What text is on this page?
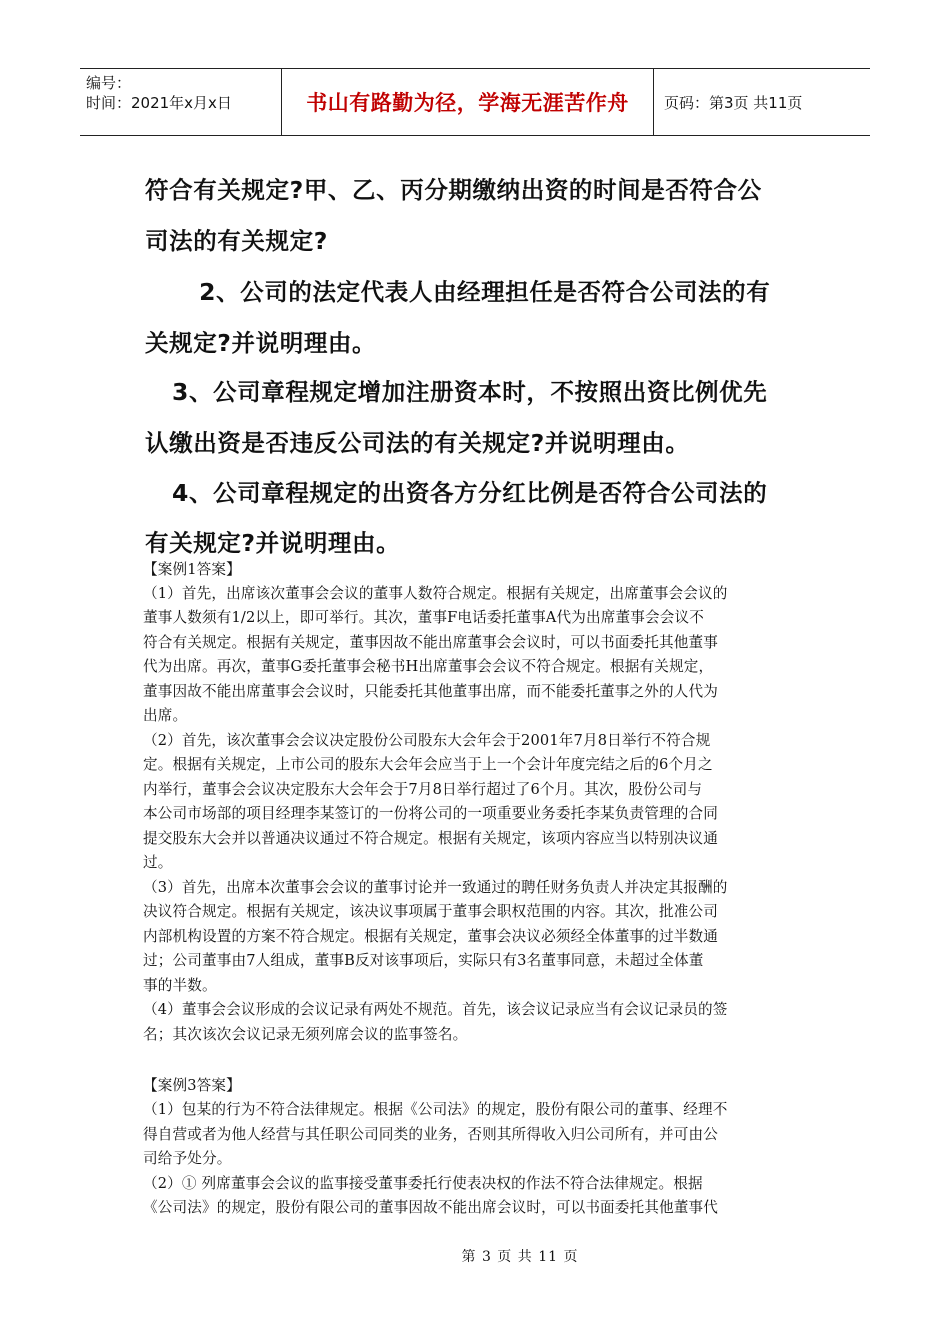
编号：
时间：2021年x月x日	书山有路勤为径，学海无涯苦作舟	页码：第3页 共11页
符合有关规定?甲、乙、丙分期缴纳出资的时间是否符合公
司法的有关规定?
　2、公司的法定代表人由经理担任是否符合公司法的有
关规定?并说明理由。
3、公司章程规定增加注册资本时，不按照出资比例优先
认缴出资是否违反公司法的有关规定?并说明理由。
4、公司章程规定的出资各方分红比例是否符合公司法的
有关规定?并说明理由。
【案例1答案】
（1）首先，出席该次董事会会议的董事人数符合规定。根据有关规定，出席董事会会议的
董事人数须有1/2以上，即可举行。其次，董事F电话委托董事A代为出席董事会会议不
符合有关规定。根据有关规定，董事因故不能出席董事会会议时，可以书面委托其他董事
代为出席。再次，董事G委托董事会秘书H出席董事会会议不符合规定。根据有关规定，
董事因故不能出席董事会会议时，只能委托其他董事出席，而不能委托董事之外的人代为
出席。
（2）首先，该次董事会会议决定股份公司股东大会年会于2001年7月8日举行不符合规
定。根据有关规定，上市公司的股东大会年会应当于上一个会计年度完结之后的6个月之
内举行，董事会会议决定股东大会年会于7月8日举行超过了6个月。其次，股份公司与
本公司市场部的项目经理李某签订的一份将公司的一项重要业务委托李某负责管理的合同
提交股东大会并以普通决议通过不符合规定。根据有关规定，该项内容应当以特别决议通
过。
（3）首先，出席本次董事会会议的董事讨论并一致通过的聘任财务负责人并决定其报酬的
决议符合规定。根据有关规定，该决议事项属于董事会职权范围的内容。其次，批准公司
内部机构设置的方案不符合规定。根据有关规定，董事会决议必须经全体董事的过半数通
过；公司董事由7人组成，董事B反对该事项后，实际只有3名董事同意，未超过全体董
事的半数。
（4）董事会会议形成的会议记录有两处不规范。首先，该会议记录应当有会议记录员的签
名；其次该次会议记录无须列席会议的监事签名。
【案例3答案】
（1）包某的行为不符合法律规定。根据《公司法》的规定，股份有限公司的董事、经理不
得自营或者为他人经营与其任职公司同类的业务，否则其所得收入归公司所有，并可由公
司给予处分。
（2）① 列席董事会会议的监事接受董事委托行使表决权的作法不符合法律规定。根据
《公司法》的规定，股份有限公司的董事因故不能出席会议时，可以书面委托其他董事代
第 3 页 共 11 页
